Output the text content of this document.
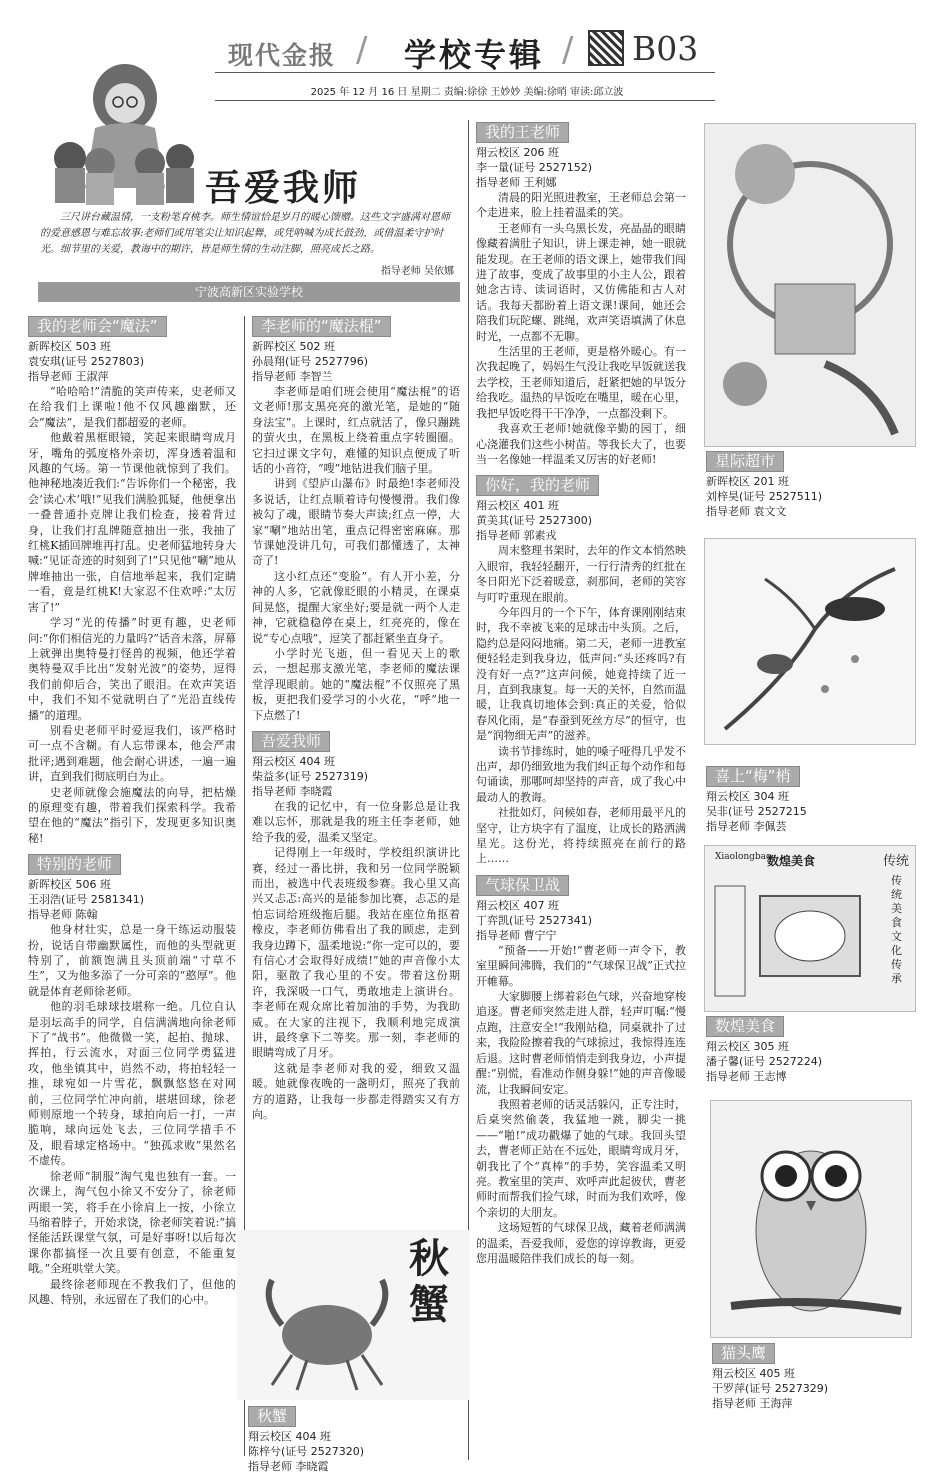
现代金报 / 学校专辑 / B03
2025 年 12 月 16 日 星期二 责编:徐徐 王妙妙 美编:徐哨 审读:邱立波
吾爱我师
三尺讲台藏温情，一支粉笔育桃李。师生情谊恰是岁月的暖心馈赠。这些文字盛满对恩师的爱意感恩与难忘故事:老师们或用笔尖让知识起舞，或凭呐喊为成长鼓劲，或借温柔守护时光。细节里的关爱，教诲中的期许，皆是师生情的生动注脚，照亮成长之路。
指导老师 吴依娜
宁波高新区实验学校
我的老师会“魔法”
新晖校区 503 班
袁安琪(证号 2527803)
指导老师 王淑萍

“哈哈哈!”清脆的笑声传来，史老师又在给我们上课啦!他不仅风趣幽默，还会“魔法”，是我们都超爱的老师。

他戴着黑框眼镜，笑起来眼睛弯成月牙，嘴角的弧度格外亲切，浑身透着温和风趣的气场。第一节课他就惊到了我们。他神秘地凑近我们:“告诉你们一个秘密，我会‘读心术’哦!”见我们满脸狐疑，他便拿出一叠普通扑克牌让我们检查，接着背过身，让我们打乱牌随意抽出一张，我抽了红桃K插回牌堆再打乱。史老师猛地转身大喊:“见证奇迹的时刻到了!”只见他“唰”地从牌堆抽出一张，自信地举起来，我们定睛一看，竟是红桃K!大家忍不住欢呼:“太厉害了!”

学习“光的传播”时更有趣，史老师问:“你们相信光的力量吗?”话音未落，屏幕上就弹出奥特曼打怪兽的视频，他还学着奥特曼双手比出“发射光波”的姿势，逗得我们前仰后合，笑出了眼泪。在欢声笑语中，我们不知不觉就明白了“光沿直线传播”的道理。

别看史老师平时爱逗我们，该严格时可一点不含糊。有人忘带课本，他会严肃批评;遇到难题，他会耐心讲述，一遍一遍讲，直到我们彻底明白为止。

史老师就像会施魔法的向导，把枯燥的原理变有趣，带着我们探索科学。我希望在他的“魔法”指引下，发现更多知识奥秘!

特别的老师
新晖校区 506 班
王羽浩(证号 2581341)
指导老师 陈翰

他身材壮实，总是一身干练运动服装扮，说话自带幽默属性，而他的头型就更特别了，前额饱满且头顶前端“寸草不生”，又为他多添了一分可亲的“憨厚”。他就是体育老师徐老师。

他的羽毛球球技堪称一绝。几位自认是羽坛高手的同学，自信满满地向徐老师下了“战书”。他微微一笑，起拍、抛球、挥拍，行云流水，对面三位同学勇猛进攻，他坐镇其中，岿然不动，将拍轻轻一推，球宛如一片雪花，飘飘悠悠在对网前，三位同学忙冲向前，堪堪回球，徐老师则原地一个转身，球拍向后一打，一声脆响，球向远处飞去，三位同学措手不及，眼看球定格场中。“独孤求败”果然名不虚传。

徐老师“制服”淘气鬼也独有一套。一次课上，淘气包小徐又不安分了，徐老师两眼一笑，将手在小徐肩上一按，小徐立马缩着脖子，开始求饶，徐老师笑着说:“搞怪能活跃课堂气氛，可是好事呀!以后每次课你都搞怪一次且要有创意，不能重复哦。”全班哄堂大笑。

最终徐老师现在不教我们了，但他的风趣、特别，永远留在了我们的心中。

李老师的“魔法棍”
新晖校区 502 班
孙晨翔(证号 2527796)
指导老师 李智兰

李老师是咱们班会使用“魔法棍”的语文老师!那支黑亮亮的激光笔，是她的“随身法宝”。上课时，红点就活了，像只蹦跳的萤火虫，在黑板上绕着重点字转圈圈。它扫过课文字句，难懂的知识点便成了听话的小音符，“嗖”地钻进我们脑子里。

讲到《望庐山瀑布》时最绝!李老师没多说话，让红点顺着诗句慢慢滑。我们像被勾了魂，眼睛节奏大声读;红点一停，大家“唰”地站出笔，重点记得密密麻麻。那节课她没讲几句，可我们都懂透了，太神奇了!

这小红点还“变脸”。有人开小差，分神的人多，它就像眨眼的小精灵，在课桌间晃悠，提醒大家坐好;要是就一两个人走神，它就稳稳停在桌上，红亮亮的，像在说“专心点哦”，逗笑了都赶紧坐直身子。

小学时光飞逝，但一看见天上的歌云，一想起那支激光笔，李老师的魔法课堂浮现眼前。她的“魔法棍”不仅照亮了黑板，更把我们爱学习的小火花，“呼”地一下点燃了!

吾爱我师
翔云校区 404 班
柴益多(证号 2527319)
指导老师 李晓霞

在我的记忆中，有一位身影总是让我难以忘怀，那就是我的班主任李老师，她给予我的爱，温柔又坚定。

记得刚上一年级时，学校组织演讲比赛，经过一番比拼，我和另一位同学脱颖而出，被选中代表班级参赛。我心里又高兴又忐忑:高兴的是能参加比赛，忐忑的是怕忘词给班级拖后腿。我站在座位角抠着橡皮，李老师仿佛看出了我的顾虑，走到我身边蹲下，温柔地说:“你一定可以的，要有信心才会取得好成绩!”她的声音像小太阳，驱散了我心里的不安。带着这份期许，我深吸一口气，勇敢地走上演讲台。李老师在观众席比着加油的手势，为我助威。在大家的注视下，我顺利地完成演讲，最终拿下二等奖。那一刻，李老师的眼睛弯成了月牙。

这就是李老师对我的爱，细致又温暖。她就像夜晚的一盏明灯，照亮了我前方的道路，让我每一步都走得踏实又有方向。

我的王老师
翔云校区 206 班
李一量(证号 2527152)
指导老师 王利娜

清晨的阳光照进教室，王老师总会第一个走进来，脸上挂着温柔的笑。

王老师有一头乌黑长发，亮晶晶的眼睛像藏着满肚子知识，讲上课走神，她一眼就能发现。在王老师的语文课上，她带我们闯进了故事，变成了故事里的小主人公，跟着她念古诗、读词语时，又仿佛能和古人对话。我每天都盼着上语文课!课间，她还会陪我们玩陀螺、跳绳，欢声笑语填满了休息时光，一点都不无聊。

生活里的王老师，更是格外暖心。有一次我起晚了，妈妈生气没让我吃早饭就送我去学校，王老师知道后，赶紧把她的早饭分给我吃。温热的早饭吃在嘴里，暖在心里，我把早饭吃得干干净净，一点都没剩下。

我喜欢王老师!她就像辛勤的园丁，细心浇灌我们这些小树苗。等我长大了，也要当一名像她一样温柔又厉害的好老师!

你好，我的老师
翔云校区 401 班
黄美其(证号 2527300)
指导老师 郭素戎

周末整理书架时，去年的作文本悄然映入眼帘，我轻轻翻开，一行行清秀的红批在冬日阳光下泛着暖意，刹那间，老师的笑容与叮咛重现在眼前。

今年四月的一个下午，体育课刚刚结束时，我不幸被飞来的足球击中头顶。之后，隐约总是闷闷地痛。第二天，老师一进教室便轻轻走到我身边，低声问:“头还疼吗?有没有好一点?”这声问候，她竟持续了近一月，直到我康复。每一天的关怀，自然而温暖，让我真切地体会到:真正的关爱，恰似春风化雨，是“春蚕到死丝方尽”的恒守，也是“润物细无声”的滋养。

读书节排练时，她的嗓子哑得几乎发不出声，却仍细致地为我们纠正每个动作和每句诵读，那哪呵却坚持的声音，成了我心中最动人的教诲。

社批如灯，问候如春，老师用最平凡的坚守，让方块字有了温度，让成长的路洒满星光。这份光，将持续照亮在前行的路上……

气球保卫战
翔云校区 407 班
丁弈凯(证号 2527341)
指导老师 曹宁宁

“预备——开始!”曹老师一声令下，教室里瞬间沸腾，我们的“气球保卫战”正式拉开帷幕。

大家脚腰上绑着彩色气球，兴奋地穿梭追逐。曹老师突然走进人群，轻声叮嘱:“慢点跑，注意安全!”我刚站稳，同桌就扑了过来，我险险擦着我的气球掠过，我惊得连连后退。这时曹老师悄悄走到我身边，小声提醒:“别慌，看准动作侧身躲!”她的声音像暖流，让我瞬间安定。

我照着老师的话灵活躲闪，正专注时，后桌突然偷袭，我猛地一跳，脚尖一挑——“啪!”成功戳爆了她的气球。我回头望去，曹老师正站在不远处，眼睛弯成月牙，朝我比了个“真棒”的手势，笑容温柔又明亮。教室里的笑声、欢呼声此起彼伏，曹老师时而帮我们捡气球，时而为我们欢呼，像个亲切的大朋友。

这场短暂的气球保卫战，藏着老师满满的温柔，吾爱我师，爱您的谆谆教诲，更爱您用温暖陪伴我们成长的每一刻。

星际超市
新晖校区 201 班
刘梓昊(证号 2527511)
指导老师 袁文文
喜上“梅”梢
翔云校区 304 班
吴非(证号 2527215
指导老师 李佩芸
Xiaolongbao
数煌美食	传统
传统美食 文化传承
数煌美食
翔云校区 305 班
潘子馨(证号 2527224)
指导老师 王志博
猫头鹰
翔云校区 405 班
干罗萍(证号 2527329)
指导老师 王海萍
秋蟹
秋蟹
翔云校区 404 班
陈梓兮(证号 2527320)
指导老师 李晓霞
